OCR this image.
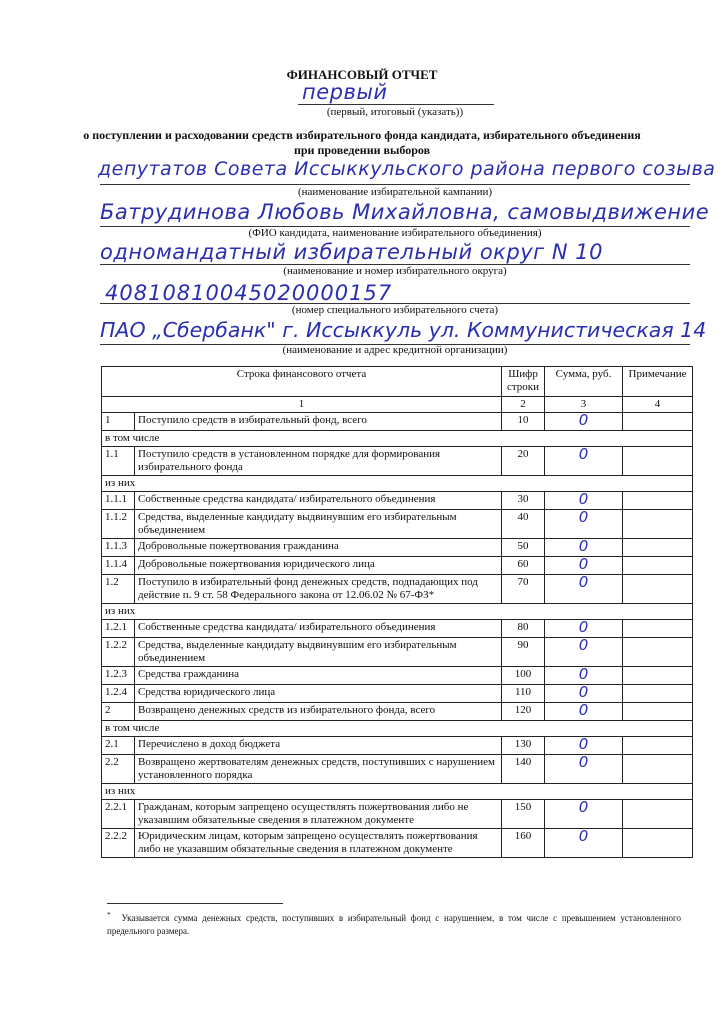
ФИНАНСОВЫЙ ОТЧЕТ
первый
(первый, итоговый (указать))
о поступлении и расходовании средств избирательного фонда кандидата, избирательного объединения
при проведении выборов
депутатов Совета Иссыккульского района первого созыва
(наименование избирательной кампании)
Батрудинова Любовь Михайловна, самовыдвижение
(ФИО кандидата, наименование избирательного объединения)
одномандатный избирательный округ N 10
(наименование и номер избирательного округа)
40810810045020000157
(номер специального избирательного счета)
ПАО „Сбербанк" г. Иссыккуль ул. Коммунистическая 14
(наименование и адрес кредитной организации)
Строка финансового отчета		Шифр строки	Сумма, руб.	Примечание
1		2	3	4
1	Поступило средств в избирательный фонд, всего	10	0	
в том числе				
1.1	Поступило средств в установленном порядке для формирования избирательного фонда	20	0	
из них				
1.1.1	Собственные средства кандидата/ избирательного объединения	30	0	
1.1.2	Средства, выделенные кандидату выдвинувшим его избирательным объединением	40	0	
1.1.3	Добровольные пожертвования гражданина	50	0	
1.1.4	Добровольные пожертвования юридического лица	60	0	
1.2	Поступило в избирательный фонд денежных средств, подпадающих под действие п. 9 ст. 58 Федерального закона от 12.06.02 № 67-ФЗ*	70	0	
из них				
1.2.1	Собственные средства кандидата/ избирательного объединения	80	0	
1.2.2	Средства, выделенные кандидату выдвинувшим его избирательным объединением	90	0	
1.2.3	Средства гражданина	100	0	
1.2.4	Средства юридического лица	110	0	
2	Возвращено денежных средств из избирательного фонда, всего	120	0	
в том числе				
2.1	Перечислено в доход бюджета	130	0	
2.2	Возвращено жертвователям денежных средств, поступивших с нарушением установленного порядка	140	0	
из них				
2.2.1	Гражданам, которым запрещено осуществлять пожертвования либо не указавшим обязательные сведения в платежном документе	150	0	
2.2.2	Юридическим лицам, которым запрещено осуществлять пожертвования либо не указавшим обязательные сведения в платежном документе	160	0	
* Указывается сумма денежных средств, поступивших в избирательный фонд с нарушением, в том числе с превышением установленного предельного размера.
